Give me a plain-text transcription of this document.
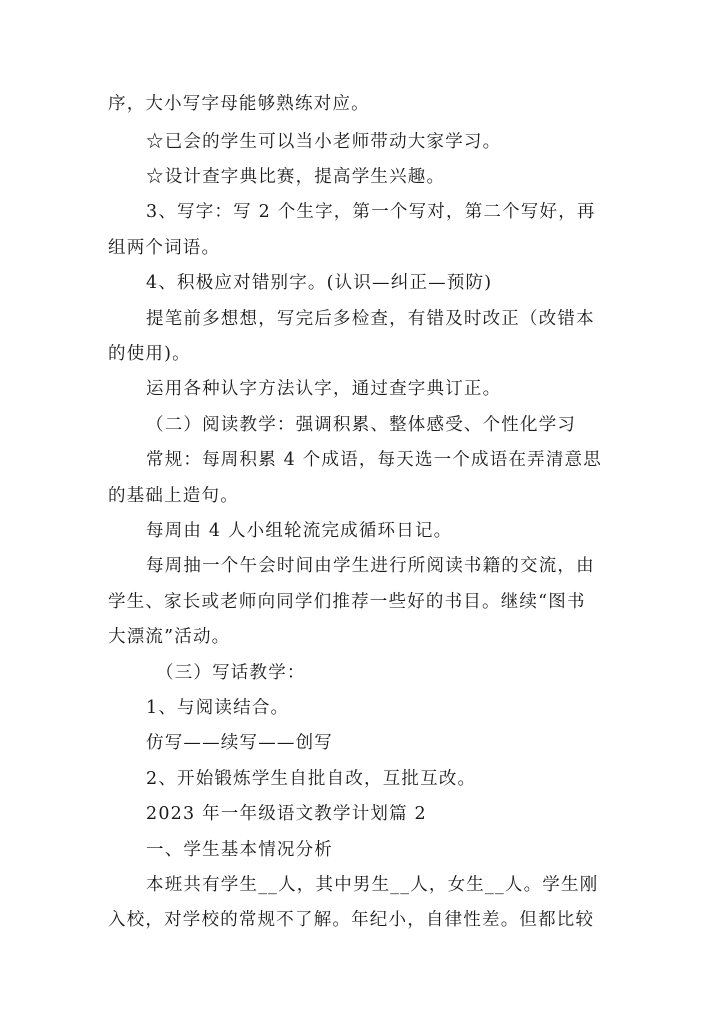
序，大小写字母能够熟练对应。
☆已会的学生可以当小老师带动大家学习。
☆设计查字典比赛，提高学生兴趣。
3、写字：写 2 个生字，第一个写对，第二个写好，再
组两个词语。
4、积极应对错别字。(认识—纠正—预防)
提笔前多想想，写完后多检查，有错及时改正（改错本
的使用)。
运用各种认字方法认字，通过查字典订正。
（二）阅读教学：强调积累、整体感受、个性化学习
常规：每周积累 4 个成语，每天选一个成语在弄清意思
的基础上造句。
每周由 4 人小组轮流完成循环日记。
每周抽一个午会时间由学生进行所阅读书籍的交流，由
学生、家长或老师向同学们推荐一些好的书目。继续“图书
大漂流”活动。
（三）写话教学：
1、与阅读结合。
仿写——续写——创写
2、开始锻炼学生自批自改，互批互改。
2023 年一年级语文教学计划篇 2
一、学生基本情况分析
本班共有学生__人，其中男生__人，女生__人。学生刚
入校，对学校的常规不了解。年纪小，自律性差。但都比较
